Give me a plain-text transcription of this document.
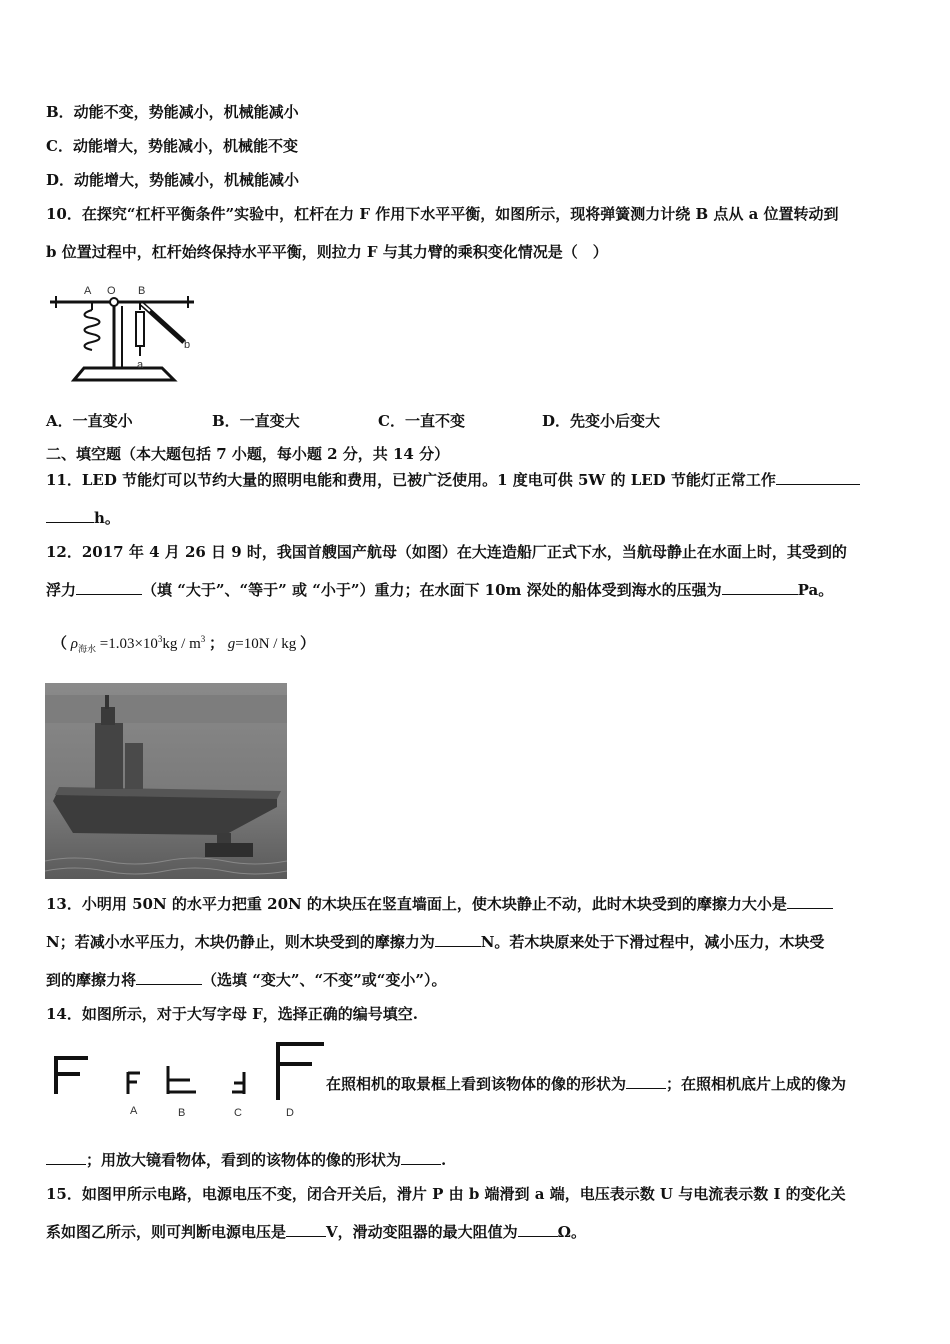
B．动能不变，势能减小，机械能减小
C．动能增大，势能减小，机械能不变
D．动能增大，势能减小，机械能减小
10．在探究“杠杆平衡条件”实验中，杠杆在力 F 作用下水平平衡，如图所示，现将弹簧测力计绕 B 点从 a 位置转动到
b 位置过程中，杠杆始终保持水平平衡，则拉力 F 与其力臂的乘积变化情况是（　）
A O B
a
b
A．一直变小	B．一直变大	C．一直不变	D．先变小后变大
二、填空题（本大题包括 7 小题，每小题 2 分，共 14 分）
11．LED 节能灯可以节约大量的照明电能和费用，已被广泛使用。1 度电可供 5W 的 LED 节能灯正常工作
h。
12．2017 年 4 月 26 日 9 时，我国首艘国产航母（如图）在大连造船厂正式下水，当航母静止在水面上时，其受到的
浮力	（填 “大于”、“等于” 或 “小于”）重力；在水面下 10m 深处的船体受到海水的压强为	Pa。
（ $\rho_{海水} =1.03\times 10^3kg / m^3$ ； g=10N / kg ）
13．小明用 50N 的水平力把重 20N 的木块压在竖直墙面上，使木块静止不动，此时木块受到的摩擦力大小是
N；若减小水平压力，木块仍静止，则木块受到的摩擦力为	N。若木块原来处于下滑过程中，减小压力，木块受
到的摩擦力将	（选填 “变大”、“不变”或“变小”）。
14．如图所示，对于大写字母 F，选择正确的编号填空.
A	B	C	D
在照相机的取景框上看到该物体的像的形状为	；在照相机底片上成的像为
；用放大镜看物体，看到的该物体的像的形状为	.
15．如图甲所示电路，电源电压不变，闭合开关后，滑片 P 由 b 端滑到 a 端，电压表示数 U 与电流表示数 I 的变化关
系如图乙所示，则可判断电源电压是	V，滑动变阻器的最大阻值为	Ω。
